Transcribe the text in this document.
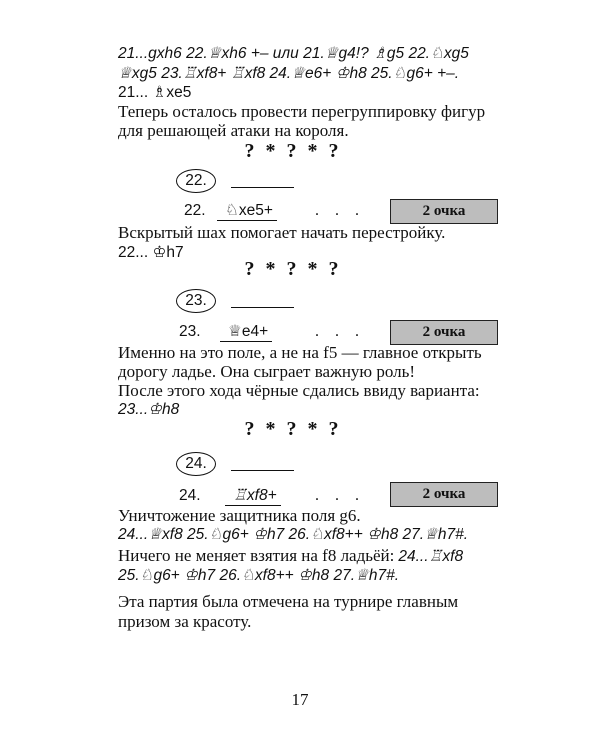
21...gxh6 22.♕xh6 +– или 21.♕g4!? ♗g5 22.♘xg5
♕xg5 23.♖xf8+ ♖xf8 24.♕e6+ ♔h8 25.♘g6+ +–.
21... ♗xe5
Теперь осталось провести перегруппировку фигур
для решающей атаки на короля.
? * ? * ?
22.
22.	♘xe5+	. . .	2 очка
Вскрытый шах помогает начать перестройку.
22... ♔h7
? * ? * ?
23.
23.	♕e4+	. . .	2 очка
Именно на это поле, а не на f5 — главное открыть
дорогу ладье. Она сыграет важную роль!
После этого хода чёрные сдались ввиду варианта:
23...♔h8
? * ? * ?
24.
24.	♖xf8+ . . .	2 очка
Уничтожение защитника поля g6.
24...♕xf8 25.♘g6+ ♔h7 26.♘xf8++ ♔h8 27.♕h7#.
Ничего не меняет взятия на f8 ладьёй: 24...♖xf8
25.♘g6+ ♔h7 26.♘xf8++ ♔h8 27.♕h7#.
Эта партия была отмечена на турнире главным
призом за красоту.
17
